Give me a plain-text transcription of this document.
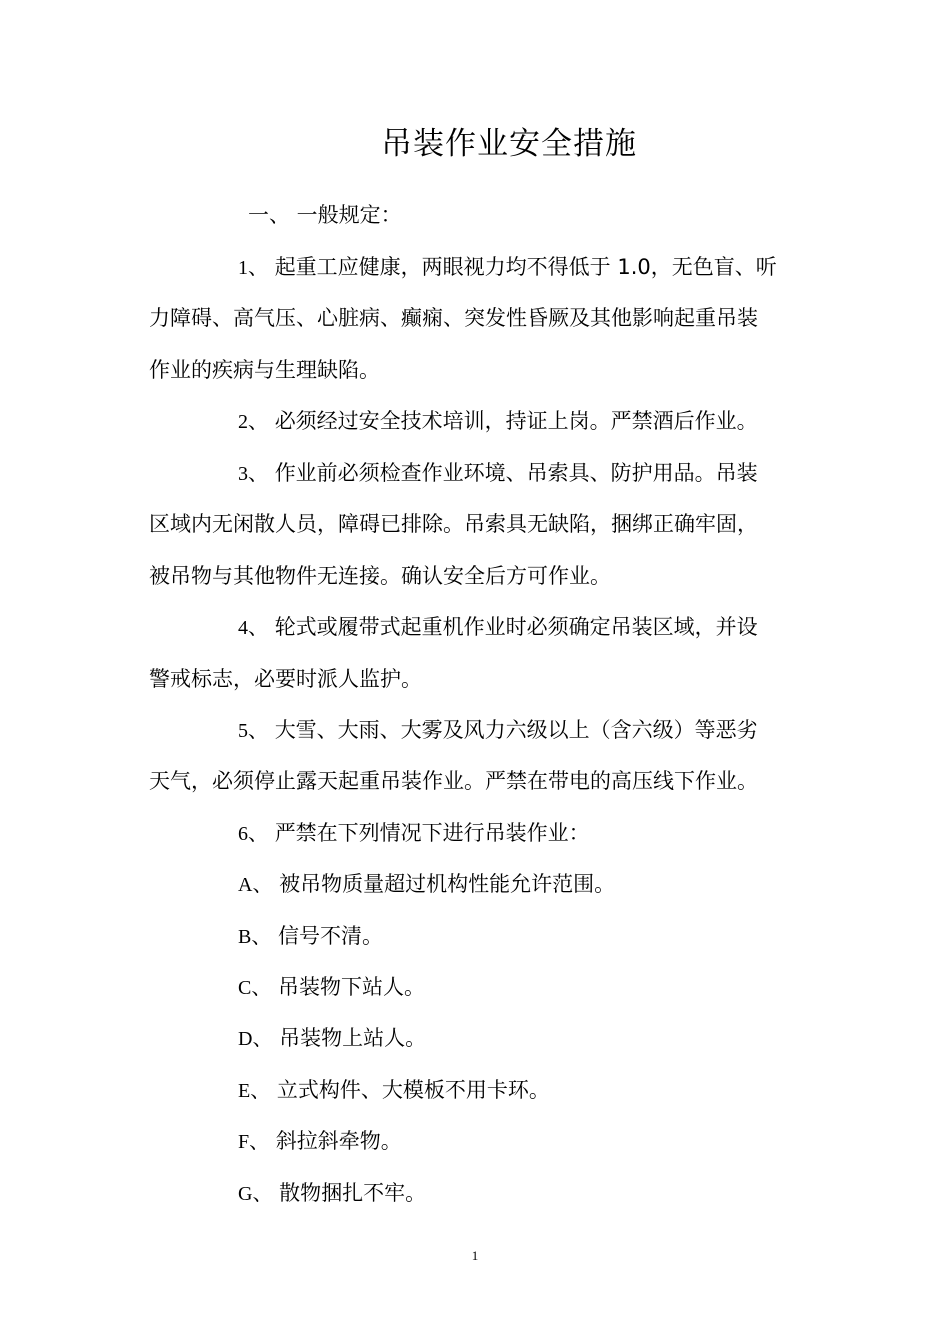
吊装作业安全措施
一、 一般规定：
1、 起重工应健康，两眼视力均不得低于 1.0，无色盲、听
力障碍、高气压、心脏病、癫痫、突发性昏厥及其他影响起重吊装
作业的疾病与生理缺陷。
2、 必须经过安全技术培训，持证上岗。严禁酒后作业。
3、 作业前必须检查作业环境、吊索具、防护用品。吊装
区域内无闲散人员，障碍已排除。吊索具无缺陷，捆绑正确牢固，
被吊物与其他物件无连接。确认安全后方可作业。
4、 轮式或履带式起重机作业时必须确定吊装区域，并设
警戒标志，必要时派人监护。
5、 大雪、大雨、大雾及风力六级以上（含六级）等恶劣
天气，必须停止露天起重吊装作业。严禁在带电的高压线下作业。
6、 严禁在下列情况下进行吊装作业：
A、 被吊物质量超过机构性能允许范围。
B、 信号不清。
C、 吊装物下站人。
D、 吊装物上站人。
E、 立式构件、大模板不用卡环。
F、 斜拉斜牵物。
G、 散物捆扎不牢。
1
